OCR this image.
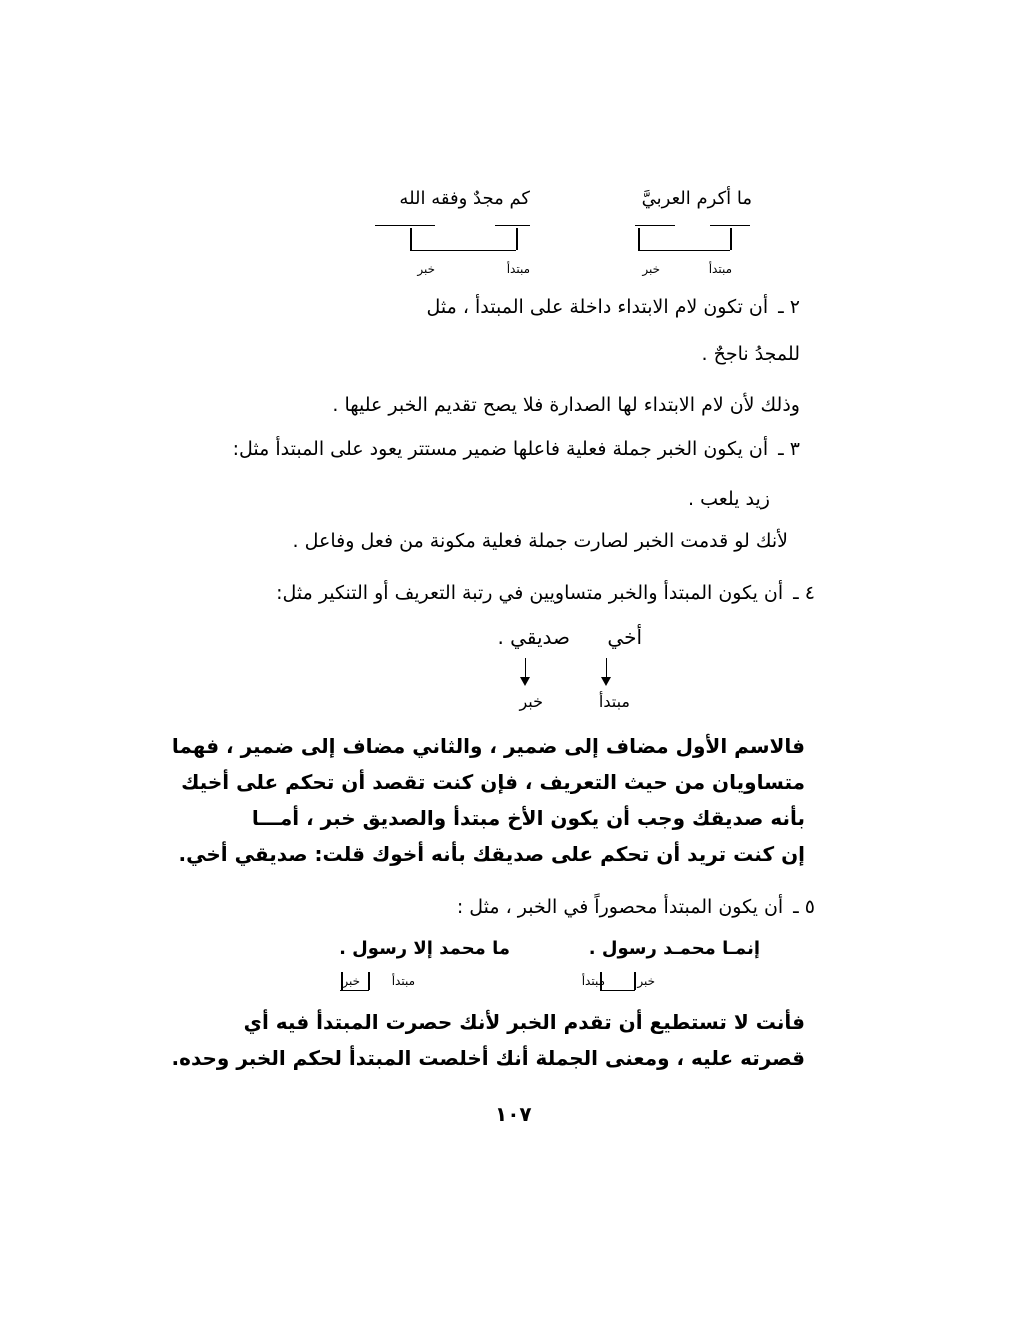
ما أكرم العربيَّ
كم مجدٌ وفقه الله
مبتدأ
خبر
مبتدأ
خبر
٢ ـأن تكون لام الابتداء داخلة على المبتدأ ، مثل
للمجدُ ناجحٌ .
وذلك لأن لام الابتداء لها الصدارة فلا يصح تقديم الخبر عليها .
٣ ـأن يكون الخبر جملة فعلية فاعلها ضمير مستتر يعود على المبتدأ مثل:
زيد يلعب .
لأنك لو قدمت الخبر لصارت جملة فعلية مكونة من فعل وفاعل .
٤ ـأن يكون المبتدأ والخبر متساويين في رتبة التعريف أو التنكير مثل:
أخي
صديقي .
مبتدأ
خبر
فالاسم الأول مضاف إلى ضمير ، والثاني مضاف إلى ضمير ، فهما
متساويان من حيث التعريف ، فإن كنت تقصد أن تحكم على أخيك
بأنه صديقك وجب أن يكون الأخ مبتدأ والصديق خبر ، أمـــا
إن كنت تريد أن تحكم على صديقك بأنه أخوك قلت: صديقي أخي.
٥ ـأن يكون المبتدأ محصوراً في الخبر ، مثل :
إنمـا محمـد رسول .
ما محمد إلا رسول .
مبتدأ	خبر
مبتدأ
خبر
فأنت لا تستطيع أن تقدم الخبر لأنك حصرت المبتدأ فيه أي
قصرته عليه ، ومعنى الجملة أنك أخلصت المبتدأ لحكم الخبر وحده.
١٠٧
